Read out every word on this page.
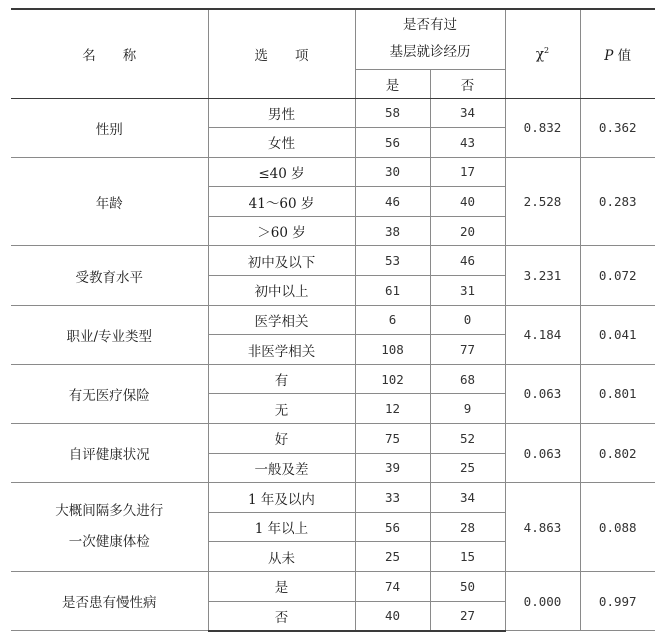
名　　称	选　　项	是否有过
基层就诊经历		$\chi^2$	P 值
		是	否		

性别	男性	58	34	0.832	0.362
	女性	56	43		

年龄	≤40 岁	30	17	2.528	0.283
	41～60 岁	46	40		
	＞60 岁	38	20		

受教育水平	初中及以下	53	46	3.231	0.072
	初中以上	61	31		

职业/专业类型	医学相关	6	0	4.184	0.041
	非医学相关	108	77		

有无医疗保险	有	102	68	0.063	0.801
	无	12	9		

自评健康状况	好	75	52	0.063	0.802
	一般及差	39	25		

大概间隔多久进行
一次健康体检	1 年及以内	33	34	4.863	0.088
	1 年以上	56	28		
	从未	25	15		

是否患有慢性病	是	74	50	0.000	0.997
	否	40	27		
